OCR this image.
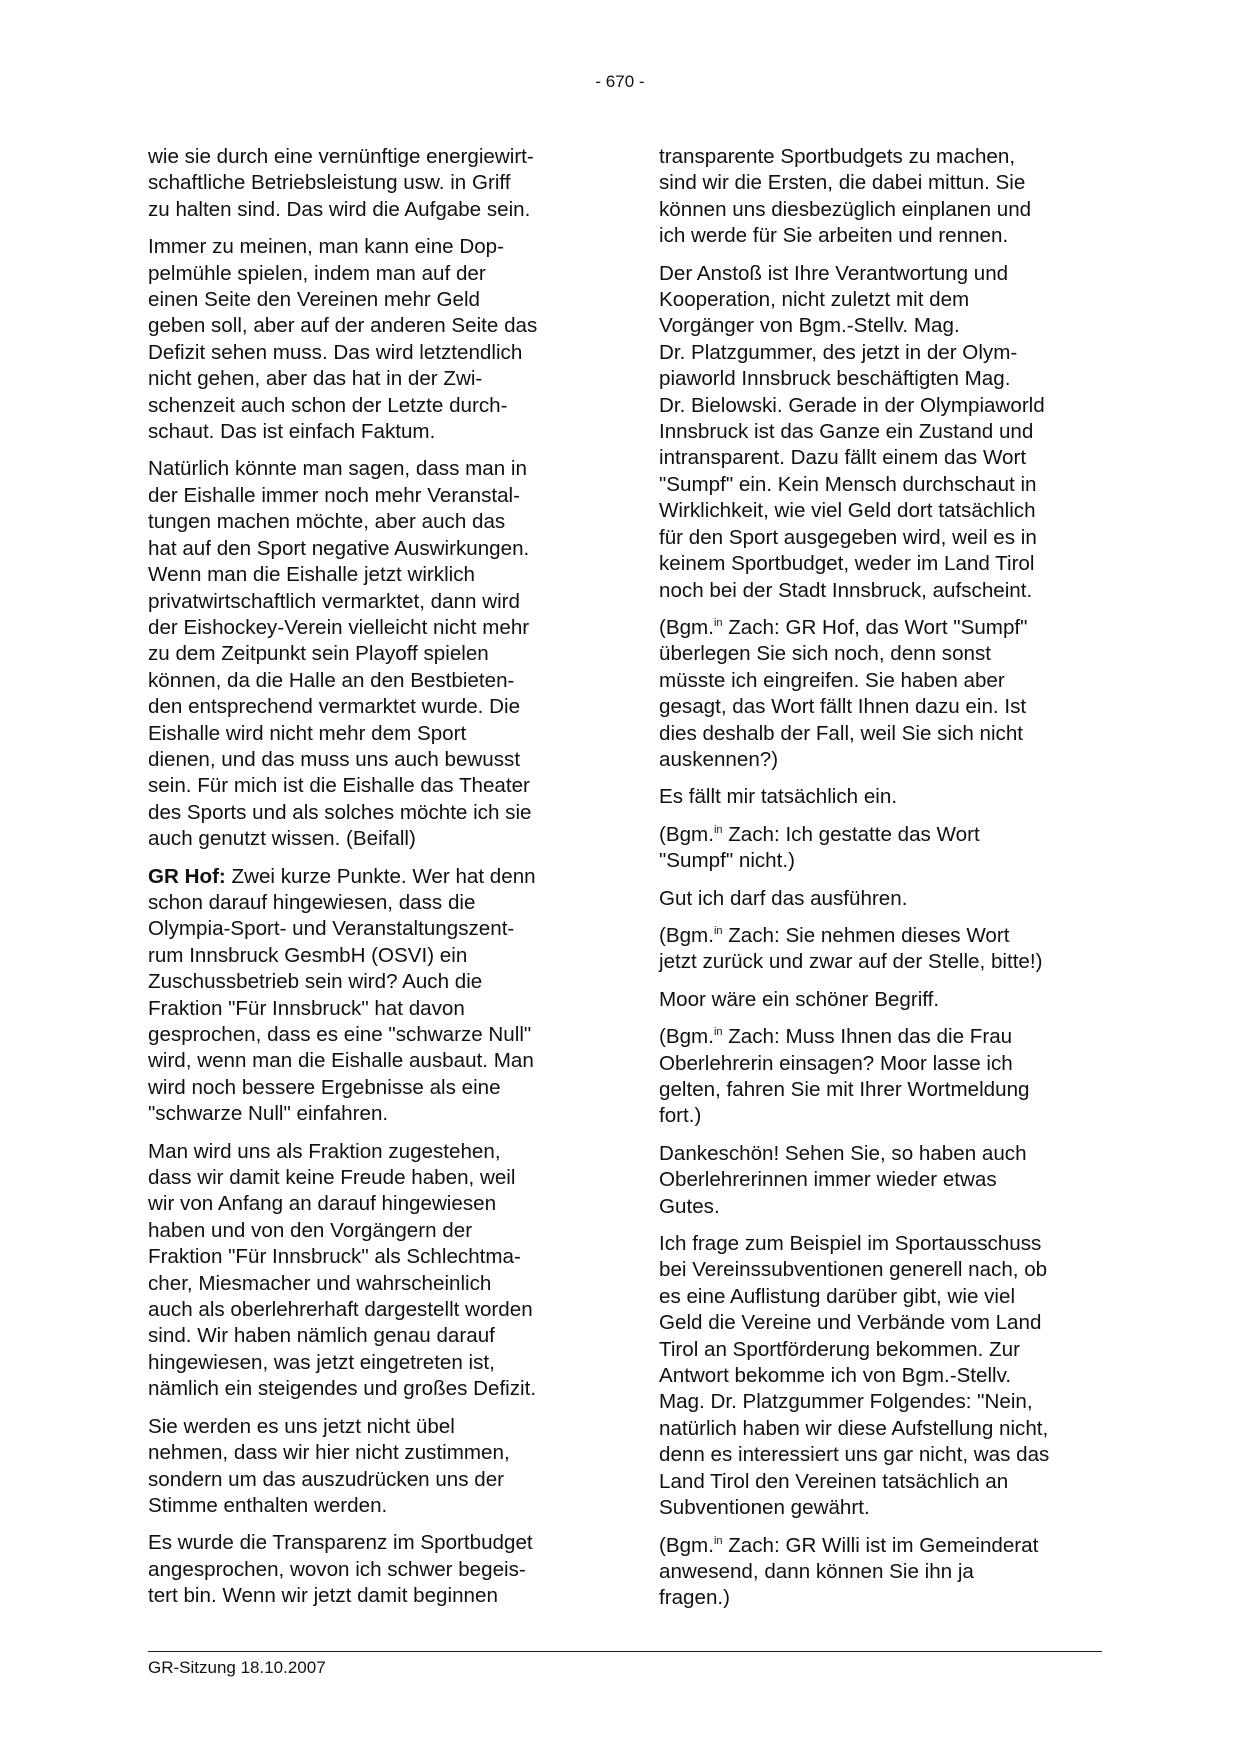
- 670 -

wie sie durch eine vernünftige energiewirt-
schaftliche Betriebsleistung usw. in Griff
zu halten sind. Das wird die Aufgabe sein.

Immer zu meinen, man kann eine Dop-
pelmühle spielen, indem man auf der
einen Seite den Vereinen mehr Geld
geben soll, aber auf der anderen Seite das
Defizit sehen muss. Das wird letztendlich
nicht gehen, aber das hat in der Zwi-
schenzeit auch schon der Letzte durch-
schaut. Das ist einfach Faktum.

Natürlich könnte man sagen, dass man in
der Eishalle immer noch mehr Veranstal-
tungen machen möchte, aber auch das
hat auf den Sport negative Auswirkungen.
Wenn man die Eishalle jetzt wirklich
privatwirtschaftlich vermarktet, dann wird
der Eishockey-Verein vielleicht nicht mehr
zu dem Zeitpunkt sein Playoff spielen
können, da die Halle an den Bestbieten-
den entsprechend vermarktet wurde. Die
Eishalle wird nicht mehr dem Sport
dienen, und das muss uns auch bewusst
sein. Für mich ist die Eishalle das Theater
des Sports und als solches möchte ich sie
auch genutzt wissen. (Beifall)

GR Hof: Zwei kurze Punkte. Wer hat denn
schon darauf hingewiesen, dass die
Olympia-Sport- und Veranstaltungszent-
rum Innsbruck GesmbH (OSVI) ein
Zuschussbetrieb sein wird? Auch die
Fraktion "Für Innsbruck" hat davon
gesprochen, dass es eine "schwarze Null"
wird, wenn man die Eishalle ausbaut. Man
wird noch bessere Ergebnisse als eine
"schwarze Null" einfahren.

Man wird uns als Fraktion zugestehen,
dass wir damit keine Freude haben, weil
wir von Anfang an darauf hingewiesen
haben und von den Vorgängern der
Fraktion "Für Innsbruck" als Schlechtma-
cher, Miesmacher und wahrscheinlich
auch als oberlehrerhaft dargestellt worden
sind. Wir haben nämlich genau darauf
hingewiesen, was jetzt eingetreten ist,
nämlich ein steigendes und großes Defizit.

Sie werden es uns jetzt nicht übel
nehmen, dass wir hier nicht zustimmen,
sondern um das auszudrücken uns der
Stimme enthalten werden.

Es wurde die Transparenz im Sportbudget
angesprochen, wovon ich schwer begeis-
tert bin. Wenn wir jetzt damit beginnen

transparente Sportbudgets zu machen,
sind wir die Ersten, die dabei mittun. Sie
können uns diesbezüglich einplanen und
ich werde für Sie arbeiten und rennen.

Der Anstoß ist Ihre Verantwortung und
Kooperation, nicht zuletzt mit dem
Vorgänger von Bgm.-Stellv. Mag.
Dr. Platzgummer, des jetzt in der Olym-
piaworld Innsbruck beschäftigten Mag.
Dr. Bielowski. Gerade in der Olympiaworld
Innsbruck ist das Ganze ein Zustand und
intransparent. Dazu fällt einem das Wort
"Sumpf" ein. Kein Mensch durchschaut in
Wirklichkeit, wie viel Geld dort tatsächlich
für den Sport ausgegeben wird, weil es in
keinem Sportbudget, weder im Land Tirol
noch bei der Stadt Innsbruck, aufscheint.

(Bgm.$^{in}$ Zach: GR Hof, das Wort "Sumpf"
überlegen Sie sich noch, denn sonst
müsste ich eingreifen. Sie haben aber
gesagt, das Wort fällt Ihnen dazu ein. Ist
dies deshalb der Fall, weil Sie sich nicht
auskennen?)

Es fällt mir tatsächlich ein.

(Bgm.$^{in}$ Zach: Ich gestatte das Wort
"Sumpf" nicht.)

Gut ich darf das ausführen.

(Bgm.$^{in}$ Zach: Sie nehmen dieses Wort
jetzt zurück und zwar auf der Stelle, bitte!)

Moor wäre ein schöner Begriff.

(Bgm.$^{in}$ Zach: Muss Ihnen das die Frau
Oberlehrerin einsagen? Moor lasse ich
gelten, fahren Sie mit Ihrer Wortmeldung
fort.)

Dankeschön! Sehen Sie, so haben auch
Oberlehrerinnen immer wieder etwas
Gutes.

Ich frage zum Beispiel im Sportausschuss
bei Vereinssubventionen generell nach, ob
es eine Auflistung darüber gibt, wie viel
Geld die Vereine und Verbände vom Land
Tirol an Sportförderung bekommen. Zur
Antwort bekomme ich von Bgm.-Stellv.
Mag. Dr. Platzgummer Folgendes: "Nein,
natürlich haben wir diese Aufstellung nicht,
denn es interessiert uns gar nicht, was das
Land Tirol den Vereinen tatsächlich an
Subventionen gewährt.

(Bgm.$^{in}$ Zach: GR Willi ist im Gemeinderat
anwesend, dann können Sie ihn ja
fragen.)

GR-Sitzung 18.10.2007
